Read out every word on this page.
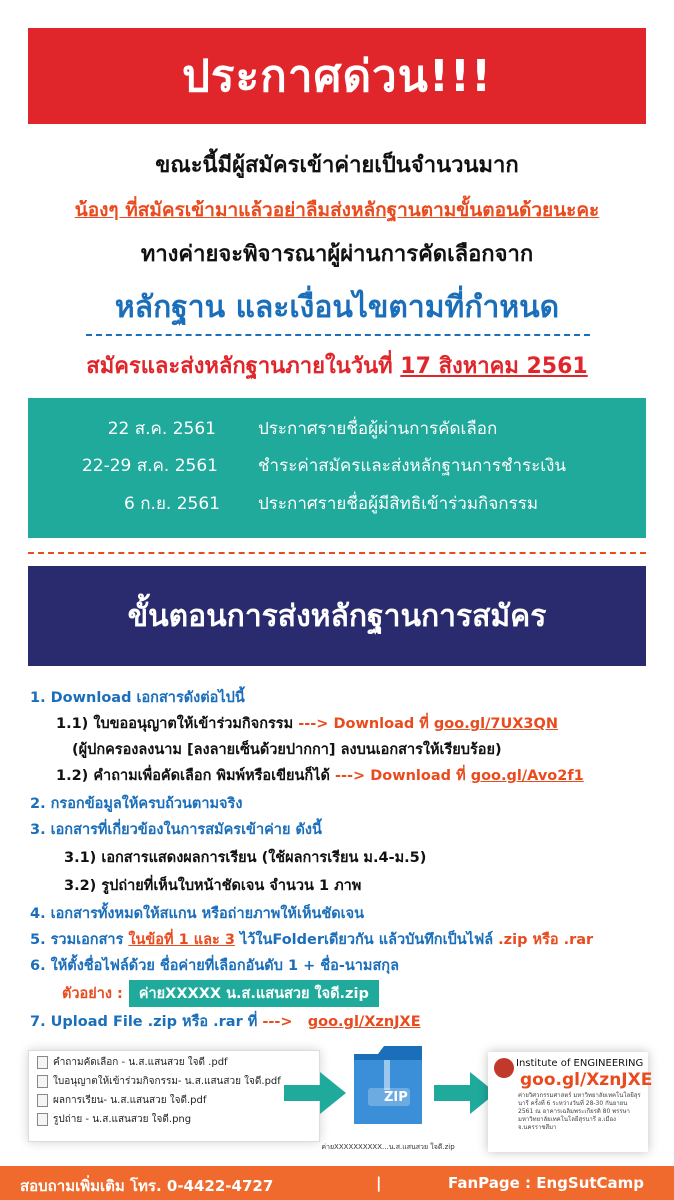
ประกาศด่วน!!!
ขณะนี้มีผู้สมัครเข้าค่ายเป็นจำนวนมาก
น้องๆ ที่สมัครเข้ามาแล้วอย่าลืมส่งหลักฐานตามขั้นตอนด้วยนะคะ
ทางค่ายจะพิจารณาผู้ผ่านการคัดเลือกจาก
หลักฐาน และเงื่อนไขตามที่กำหนด
สมัครและส่งหลักฐานภายในวันที่ 17 สิงหาคม 2561
22 ส.ค. 2561 ประกาศรายชื่อผู้ผ่านการคัดเลือก
22-29 ส.ค. 2561 ชำระค่าสมัครและส่งหลักฐานการชำระเงิน
6 ก.ย. 2561 ประกาศรายชื่อผู้มีสิทธิเข้าร่วมกิจกรรม
ขั้นตอนการส่งหลักฐานการสมัคร
1. Download เอกสารดังต่อไปนี้
1.1) ใบขออนุญาตให้เข้าร่วมกิจกรรม ---> Download ที่ goo.gl/7UX3QN
(ผู้ปกครองลงนาม [ลงลายเซ็นด้วยปากกา] ลงบนเอกสารให้เรียบร้อย)
1.2) คำถามเพื่อคัดเลือก พิมพ์หรือเขียนก็ได้ ---> Download ที่ goo.gl/Avo2f1
2. กรอกข้อมูลให้ครบถ้วนตามจริง
3. เอกสารที่เกี่ยวข้องในการสมัครเข้าค่าย ดังนี้
3.1) เอกสารแสดงผลการเรียน (ใช้ผลการเรียน ม.4-ม.5)
3.2) รูปถ่ายที่เห็นใบหน้าชัดเจน จำนวน 1 ภาพ
4. เอกสารทั้งหมดให้สแกน หรือถ่ายภาพให้เห็นชัดเจน
5. รวมเอกสาร ในข้อที่ 1 และ 3 ไว้ในFolderเดียวกัน แล้วบันทึกเป็นไฟล์ .zip หรือ .rar
6. ให้ตั้งชื่อไฟล์ด้วย ชื่อค่ายที่เลือกอันดับ 1 + ชื่อ-นามสกุล
ตัวอย่าง : ค่ายXXXXX น.ส.แสนสวย ใจดี.zip
7. Upload File .zip หรือ .rar ที่ ---> goo.gl/XznJXE
คำถามคัดเลือก - น.ส.แสนสวย ใจดี .pdf
ใบอนุญาตให้เข้าร่วมกิจกรรม- น.ส.แสนสวย ใจดี.pdf
ผลการเรียน- น.ส.แสนสวย ใจดี.pdf
รูปถ่าย - น.ส.แสนสวย ใจดี.png
ZIP
ค่ายXXXXXXXXXX...น.ส.แสนสวย ใจดี.zip
Institute of ENGINEERING
goo.gl/XznJXE
ค่ายวิศวกรรมศาสตร์ มหาวิทยาลัยเทคโนโลยีสุรนารี ครั้งที่ 6 ระหว่างวันที่ 28-30 กันยายน 2561 ณ อาคารเฉลิมพระเกียรติ 80 พรรษา มหาวิทยาลัยเทคโนโลยีสุรนารี อ.เมือง จ.นครราชสีมา
สอบถามเพิ่มเติม โทร. 0-4422-4727	|	FanPage : EngSutCamp
